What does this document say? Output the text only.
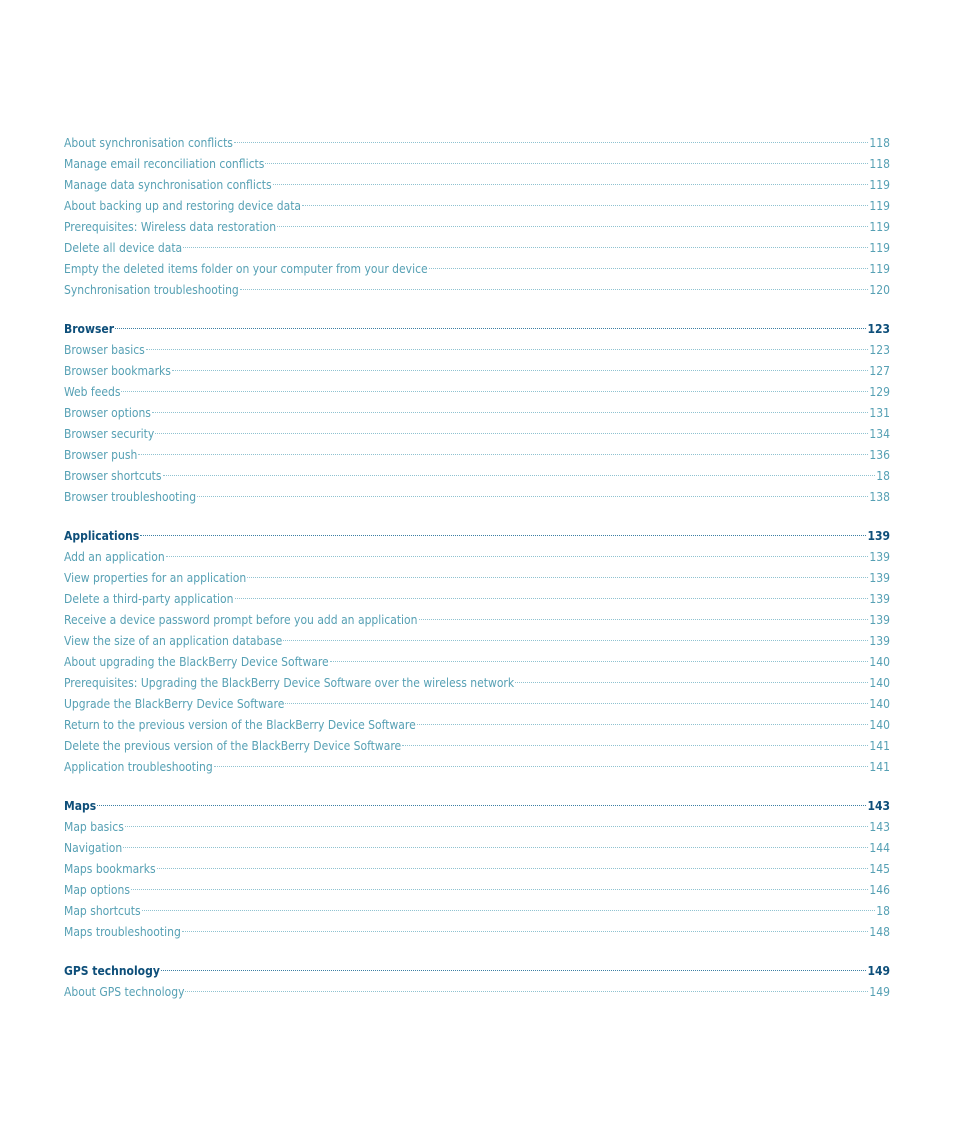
About synchronisation conflicts	118
Manage email reconciliation conflicts	118
Manage data synchronisation conflicts	119
About backing up and restoring device data	119
Prerequisites: Wireless data restoration	119
Delete all device data	119
Empty the deleted items folder on your computer from your device	119
Synchronisation troubleshooting	120
Browser	123
Browser basics	123
Browser bookmarks	127
Web feeds	129
Browser options	131
Browser security	134
Browser push	136
Browser shortcuts	18
Browser troubleshooting	138
Applications	139
Add an application	139
View properties for an application	139
Delete a third-party application	139
Receive a device password prompt before you add an application	139
View the size of an application database	139
About upgrading the BlackBerry Device Software	140
Prerequisites: Upgrading the BlackBerry Device Software over the wireless network	140
Upgrade the BlackBerry Device Software	140
Return to the previous version of the BlackBerry Device Software	140
Delete the previous version of the BlackBerry Device Software	141
Application troubleshooting	141
Maps	143
Map basics	143
Navigation	144
Maps bookmarks	145
Map options	146
Map shortcuts	18
Maps troubleshooting	148
GPS technology	149
About GPS technology	149
